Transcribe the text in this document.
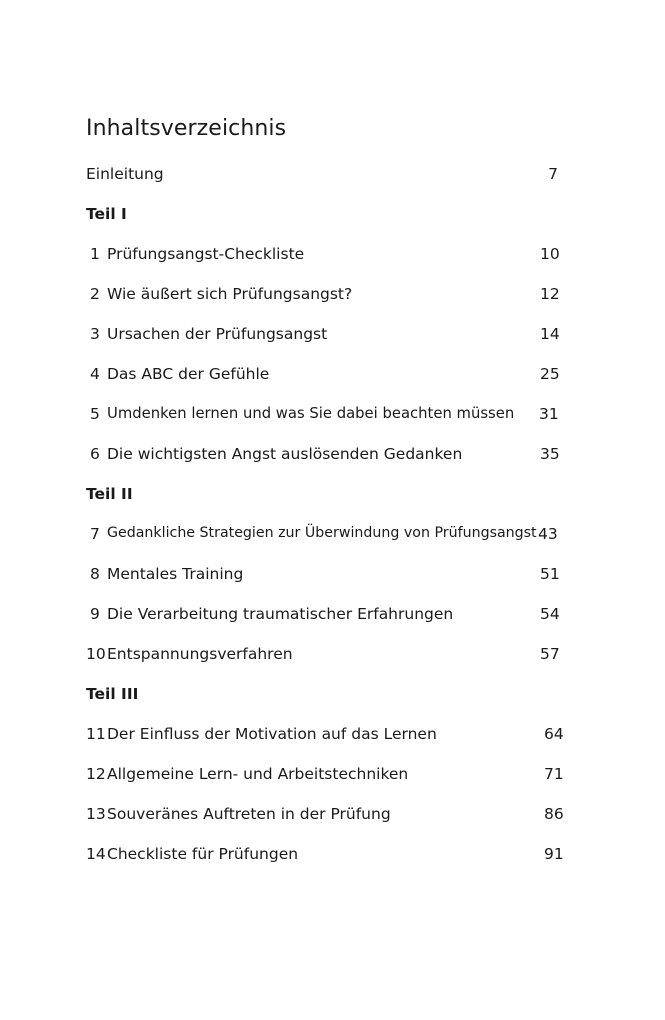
Inhaltsverzeichnis
Einleitung	7
Teil I
1 Prüfungsangst-Checkliste	10
2 Wie äußert sich Prüfungsangst?	12
3 Ursachen der Prüfungsangst	14
4 Das ABC der Gefühle	25
5 Umdenken lernen und was Sie dabei beachten müssen 31
6 Die wichtigsten Angst auslösenden Gedanken	35
Teil II
7 Gedankliche Strategien zur Überwindung von Prüfungsangst 43
8 Mentales Training	51
9 Die Verarbeitung traumatischer Erfahrungen	54
10 Entspannungsverfahren	57
Teil III
11 Der Einfluss der Motivation auf das Lernen	64
12 Allgemeine Lern- und Arbeitstechniken	71
13 Souveränes Auftreten in der Prüfung	86
14 Checkliste für Prüfungen	91
